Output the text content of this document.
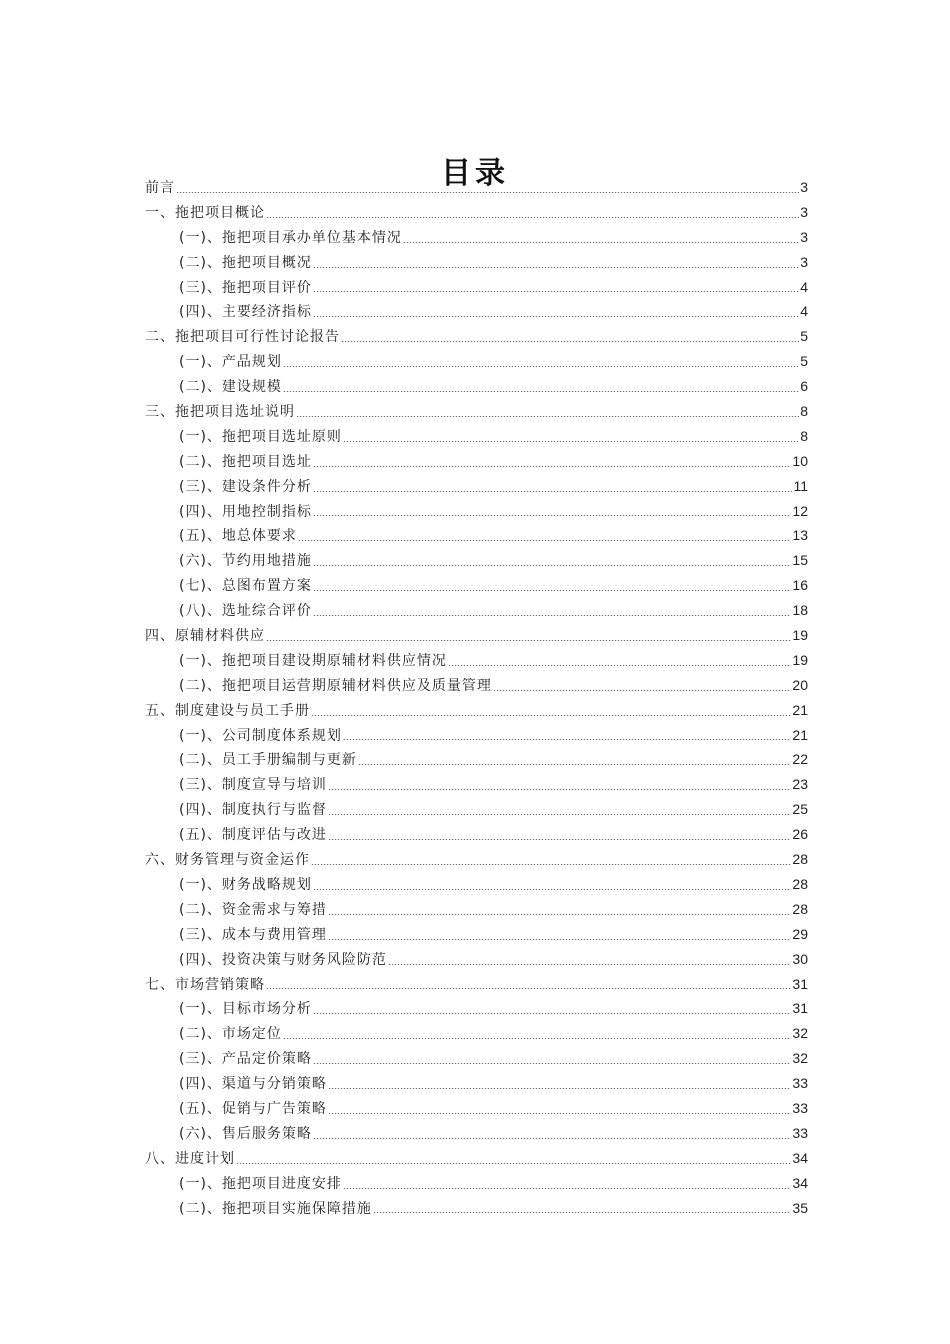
目录
前言	3
一、拖把项目概论	3
(一)、拖把项目承办单位基本情况	3
(二)、拖把项目概况	3
(三)、拖把项目评价	4
(四)、主要经济指标	4
二、拖把项目可行性讨论报告	5
(一)、产品规划	5
(二)、建设规模	6
三、拖把项目选址说明	8
(一)、拖把项目选址原则	8
(二)、拖把项目选址	10
(三)、建设条件分析	11
(四)、用地控制指标	12
(五)、地总体要求	13
(六)、节约用地措施	15
(七)、总图布置方案	16
(八)、选址综合评价	18
四、原辅材料供应	19
(一)、拖把项目建设期原辅材料供应情况	19
(二)、拖把项目运营期原辅材料供应及质量管理	20
五、制度建设与员工手册	21
(一)、公司制度体系规划	21
(二)、员工手册编制与更新	22
(三)、制度宣导与培训	23
(四)、制度执行与监督	25
(五)、制度评估与改进	26
六、财务管理与资金运作	28
(一)、财务战略规划	28
(二)、资金需求与筹措	28
(三)、成本与费用管理	29
(四)、投资决策与财务风险防范	30
七、市场营销策略	31
(一)、目标市场分析	31
(二)、市场定位	32
(三)、产品定价策略	32
(四)、渠道与分销策略	33
(五)、促销与广告策略	33
(六)、售后服务策略	33
八、进度计划	34
(一)、拖把项目进度安排	34
(二)、拖把项目实施保障措施	35
